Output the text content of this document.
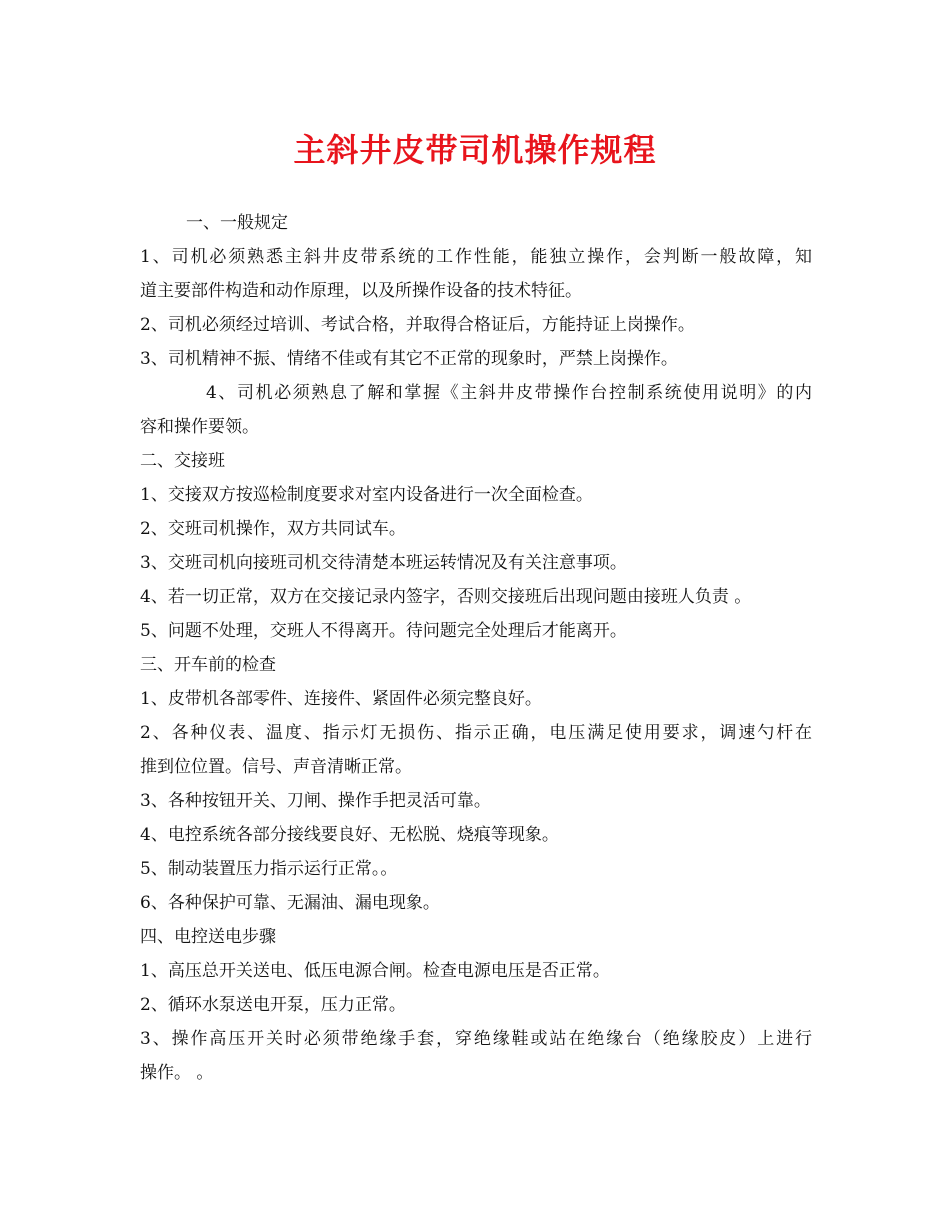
主斜井皮带司机操作规程

一、一般规定

1、司机必须熟悉主斜井皮带系统的工作性能，能独立操作，会判断一般故障，知

道主要部件构造和动作原理，以及所操作设备的技术特征。

2、司机必须经过培训、考试合格，并取得合格证后，方能持证上岗操作。

3、司机精神不振、情绪不佳或有其它不正常的现象时，严禁上岗操作。

4、司机必须熟息了解和掌握《主斜井皮带操作台控制系统使用说明》的内

容和操作要领。

二、交接班

1、交接双方按巡检制度要求对室内设备进行一次全面检查。

2、交班司机操作，双方共同试车。

3、交班司机向接班司机交待清楚本班运转情况及有关注意事项。

4、若一切正常，双方在交接记录内签字，否则交接班后出现问题由接班人负责 。

5、问题不处理，交班人不得离开。待问题完全处理后才能离开。

三、开车前的检查

1、皮带机各部零件、连接件、紧固件必须完整良好。

2、各种仪表、温度、指示灯无损伤、指示正确，电压满足使用要求，调速勺杆在

推到位位置。信号、声音清晰正常。

3、各种按钮开关、刀闸、操作手把灵活可靠。

4、电控系统各部分接线要良好、无松脱、烧痕等现象。

5、制动装置压力指示运行正常。。

6、各种保护可靠、无漏油、漏电现象。

四、电控送电步骤

1、高压总开关送电、低压电源合闸。检查电源电压是否正常。

2、循环水泵送电开泵，压力正常。

3、操作高压开关时必须带绝缘手套，穿绝缘鞋或站在绝缘台（绝缘胶皮）上进行

操作。 。
